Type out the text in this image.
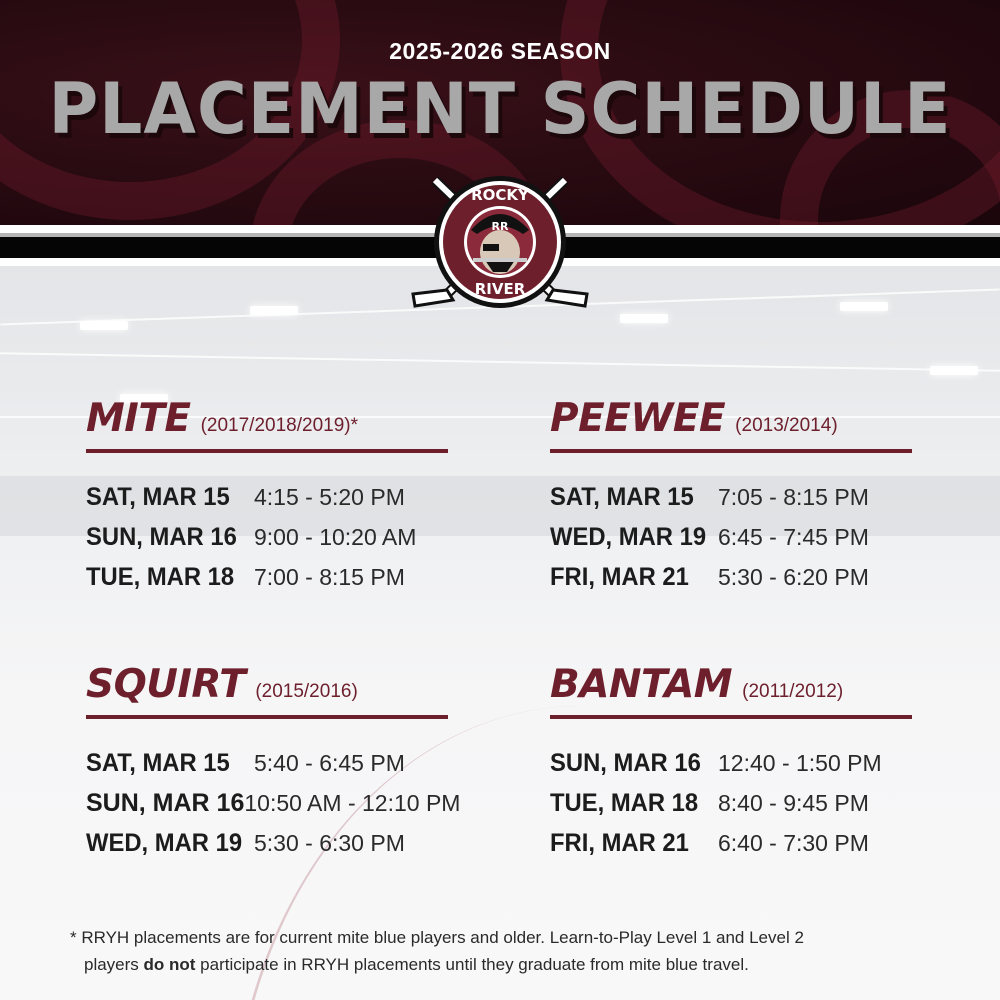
2025-2026 SEASON
PLACEMENT SCHEDULE
RR
ROCKY
RIVER
MITE (2017/2018/2019)*
SAT, MAR 15	4:15 - 5:20 PM
SUN, MAR 16 9:00 - 10:20 AM
TUE, MAR 18 7:00 - 8:15 PM
PEEWEE (2013/2014)
SAT, MAR 15	7:05 - 8:15 PM
WED, MAR 19 6:45 - 7:45 PM
FRI, MAR 21	5:30 - 6:20 PM
SQUIRT (2015/2016)
SAT, MAR 15	5:40 - 6:45 PM
SUN, MAR 16 10:50 AM - 12:10 PM
WED, MAR 19 5:30 - 6:30 PM
BANTAM (2011/2012)
SUN, MAR 16 12:40 - 1:50 PM
TUE, MAR 18 8:40 - 9:45 PM
FRI, MAR 21	6:40 - 7:30 PM
* RRYH placements are for current mite blue players and older. Learn-to-Play Level 1 and Level 2
players do not participate in RRYH placements until they graduate from mite blue travel.
